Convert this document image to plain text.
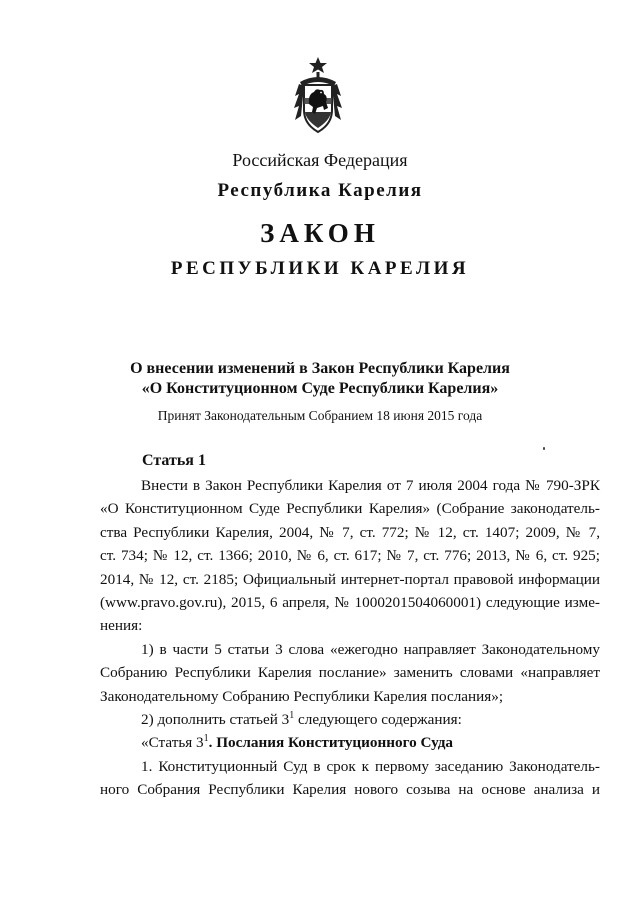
Российская Федерация
Республика Карелия
ЗАКОН
РЕСПУБЛИКИ КАРЕЛИЯ
О внесении изменений в Закон Республики Карелия
«О Конституционном Суде Республики Карелия»
Принят Законодательным Собранием 18 июня 2015 года
Статья 1
Внести в Закон Республики Карелия от 7 июля 2004 года № 790-ЗРК
«О Конституционном Суде Республики Карелия» (Собрание законодатель-
ства Республики Карелия, 2004, № 7, ст. 772; № 12, ст. 1407; 2009, № 7,
ст. 734; № 12, ст. 1366; 2010, № 6, ст. 617; № 7, ст. 776; 2013, № 6, ст. 925;
2014, № 12, ст. 2185; Официальный интернет-портал правовой информации
(www.pravo.gov.ru), 2015, 6 апреля, № 1000201504060001) следующие изме-
нения:
1) в части 5 статьи 3 слова «ежегодно направляет Законодательному
Собранию Республики Карелия послание» заменить словами «направляет
Законодательному Собранию Республики Карелия послания»;
2) дополнить статьей $3^1$ следующего содержания:
«Статья $3^1$. Послания Конституционного Суда
1. Конституционный Суд в срок к первому заседанию Законодатель-
ного Собрания Республики Карелия нового созыва на основе анализа и
